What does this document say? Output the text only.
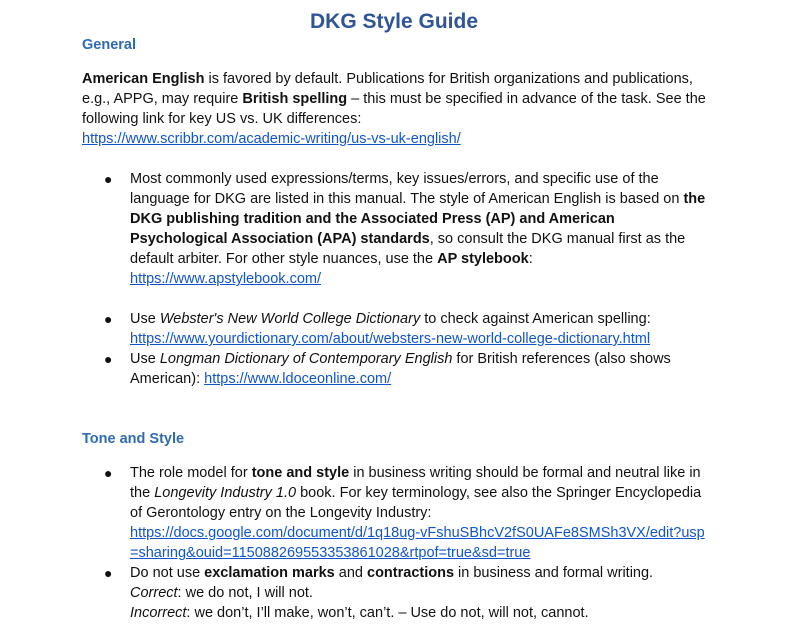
DKG Style Guide
General

American English is favored by default. Publications for British organizations and publications, e.g., APPG, may require British spelling – this must be specified in advance of the task. See the following link for key US vs. UK differences:
https://www.scribbr.com/academic-writing/us-vs-uk-english/

●	Most commonly used expressions/terms, key issues/errors, and specific use of the language for DKG are listed in this manual. The style of American English is based on the DKG publishing tradition and the Associated Press (AP) and American Psychological Association (APA) standards, so consult the DKG manual first as the default arbiter. For other style nuances, use the AP stylebook:
https://www.apstylebook.com/
●	Use Webster's New World College Dictionary to check against American spelling:
https://www.yourdictionary.com/about/websters-new-world-college-dictionary.html
●	Use Longman Dictionary of Contemporary English for British references (also shows American): https://www.ldoceonline.com/
Tone and Style
●	The role model for tone and style in business writing should be formal and neutral like in the Longevity Industry 1.0 book. For key terminology, see also the Springer Encyclopedia of Gerontology entry on the Longevity Industry:
https://docs.google.com/document/d/1q18ug-vFshuSBhcV2fS0UAFe8SMSh3VX/edit?usp=sharing&ouid=115088269553353861028&rtpof=true&sd=true
●	Do not use exclamation marks and contractions in business and formal writing.
Correct: we do not, I will not.
Incorrect: we don’t, I’ll make, won’t, can’t. – Use do not, will not, cannot.
